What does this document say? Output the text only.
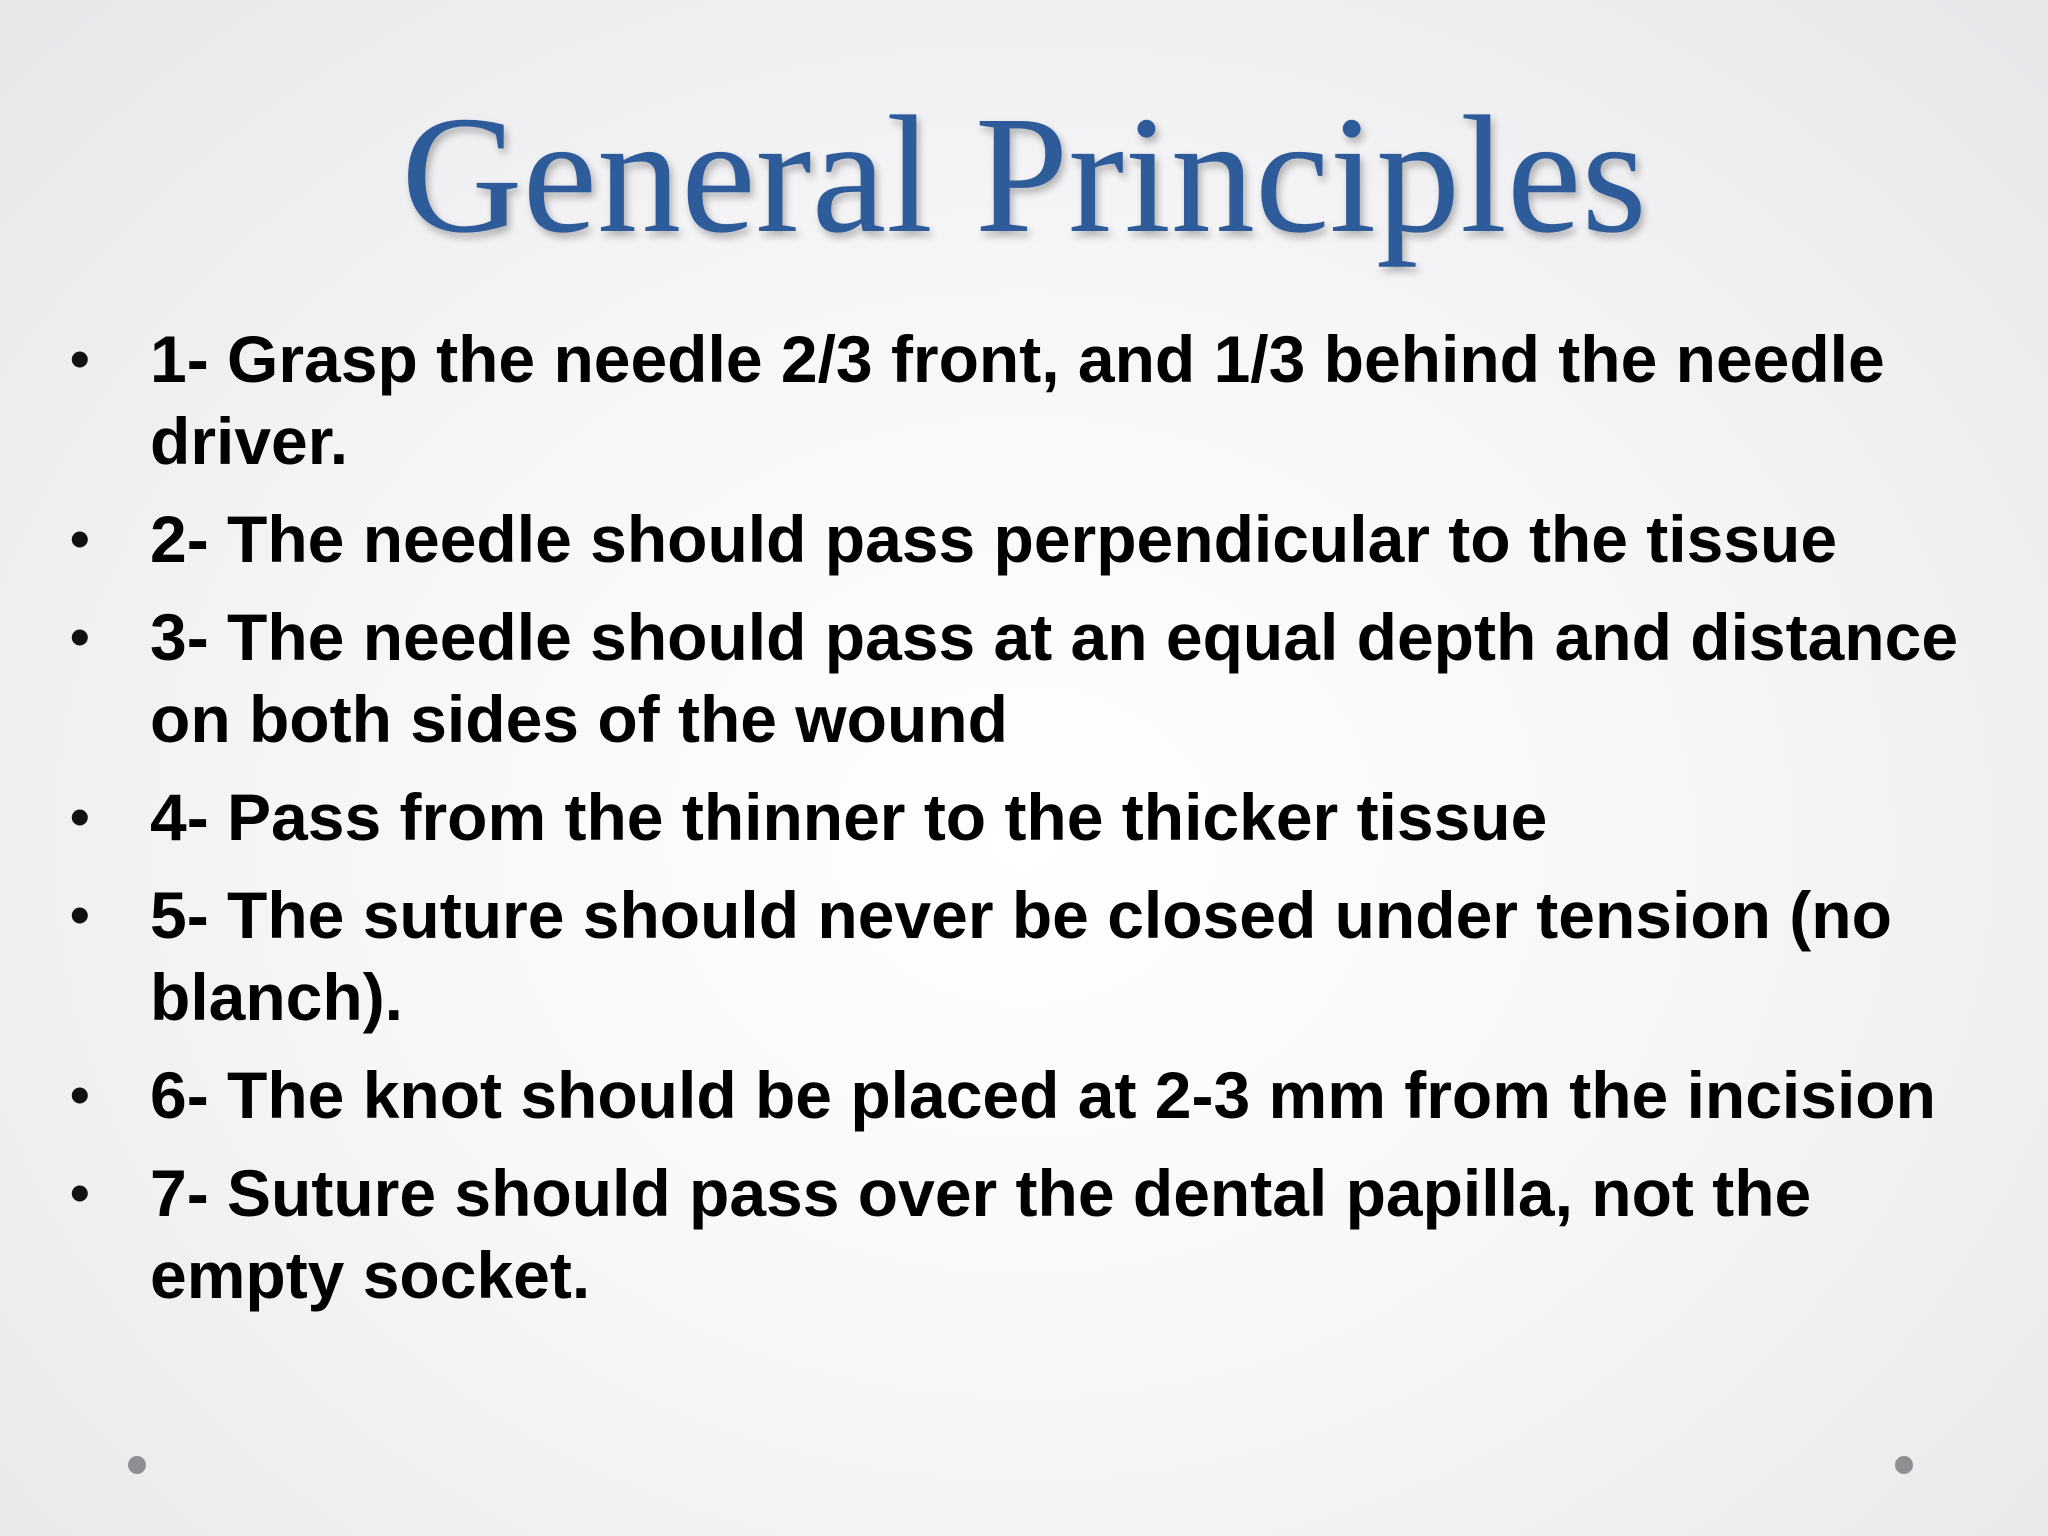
General Principles
• 1- Grasp the needle 2/3 front, and 1/3 behind the needle driver.
• 2- The needle should pass perpendicular to the tissue
• 3- The needle should pass at an equal depth and distance on both sides of the wound
• 4- Pass from the thinner to the thicker tissue
• 5- The suture should never be closed under tension (no blanch).
• 6- The knot should be placed at 2-3 mm from the incision
• 7- Suture should pass over the dental papilla, not the empty socket.
